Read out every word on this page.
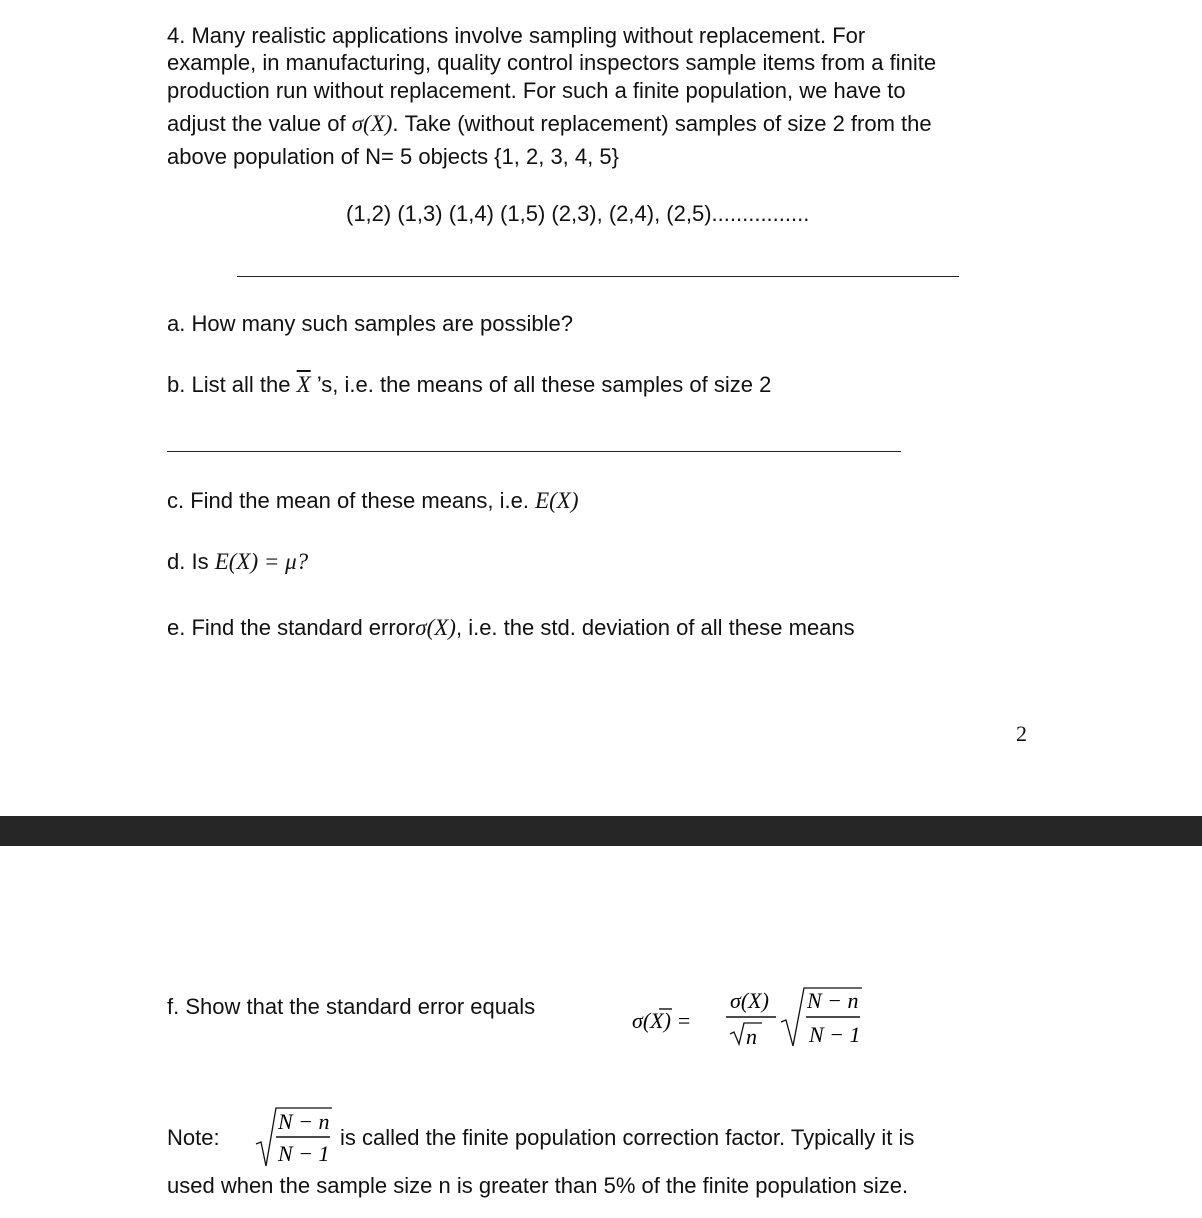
4. Many realistic applications involve sampling without replacement. For
example, in manufacturing, quality control inspectors sample items from a finite
production run without replacement. For such a finite population, we have to
adjust the value of σ(X). Take (without replacement) samples of size 2 from the
above population of N= 5 objects {1, 2, 3, 4, 5}
(1,2) (1,3) (1,4) (1,5) (2,3), (2,4), (2,5)................
a. How many such samples are possible?
b. List all the $\overline{X}$ ’s, i.e. the means of all these samples of size 2
c. Find the mean of these means, i.e. E(X)
d. Is E(X) = μ?
e. Find the standard errorσ(X), i.e. the std. deviation of all these means
2
f. Show that the standard error equals
σ(X) =
σ(X)
n
N − n
N − 1
Note:
N − n
N − 1
is called the finite population correction factor. Typically it is
used when the sample size n is greater than 5% of the finite population size.
